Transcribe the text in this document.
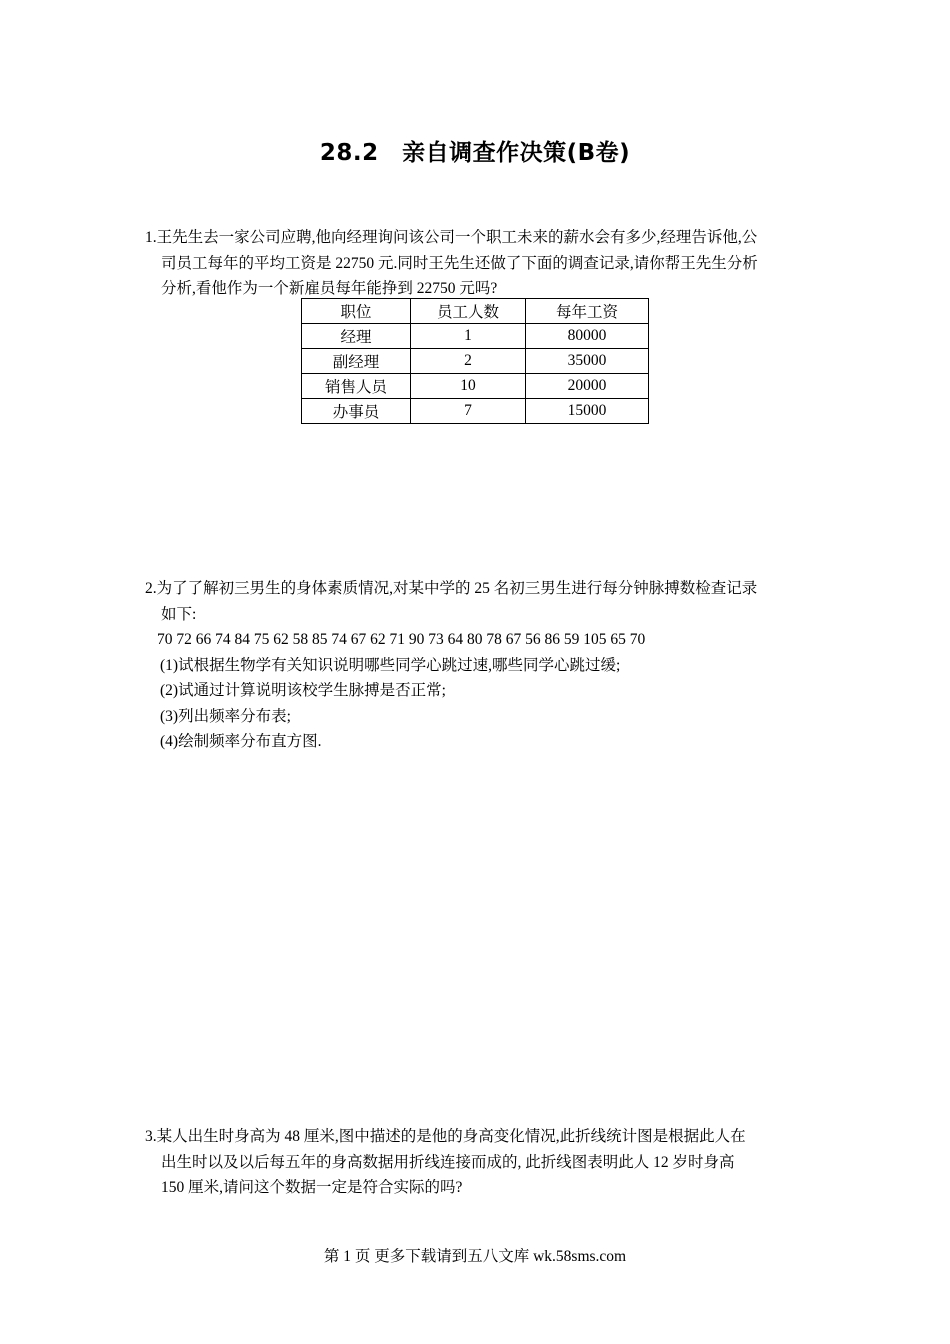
28.2　亲自调查作决策(B卷)
1.王先生去一家公司应聘,他向经理询问该公司一个职工未来的薪水会有多少,经理告诉他,公
司员工每年的平均工资是 22750 元.同时王先生还做了下面的调查记录,请你帮王先生分析
分析,看他作为一个新雇员每年能挣到 22750 元吗?
职位	员工人数	每年工资
经理	1	80000
副经理	2	35000
销售人员	10	20000
办事员	7	15000
2.为了了解初三男生的身体素质情况,对某中学的 25 名初三男生进行每分钟脉搏数检查记录
如下:
70 72 66 74 84 75 62 58 85 74 67 62 71 90 73 64 80 78 67 56 86 59 105 65 70
(1)试根据生物学有关知识说明哪些同学心跳过速,哪些同学心跳过缓;
(2)试通过计算说明该校学生脉搏是否正常;
(3)列出频率分布表;
(4)绘制频率分布直方图.
3.某人出生时身高为 48 厘米,图中描述的是他的身高变化情况,此折线统计图是根据此人在
出生时以及以后每五年的身高数据用折线连接而成的, 此折线图表明此人 12 岁时身高
150 厘米,请问这个数据一定是符合实际的吗?
第 1 页 更多下载请到五八文库 wk.58sms.com
